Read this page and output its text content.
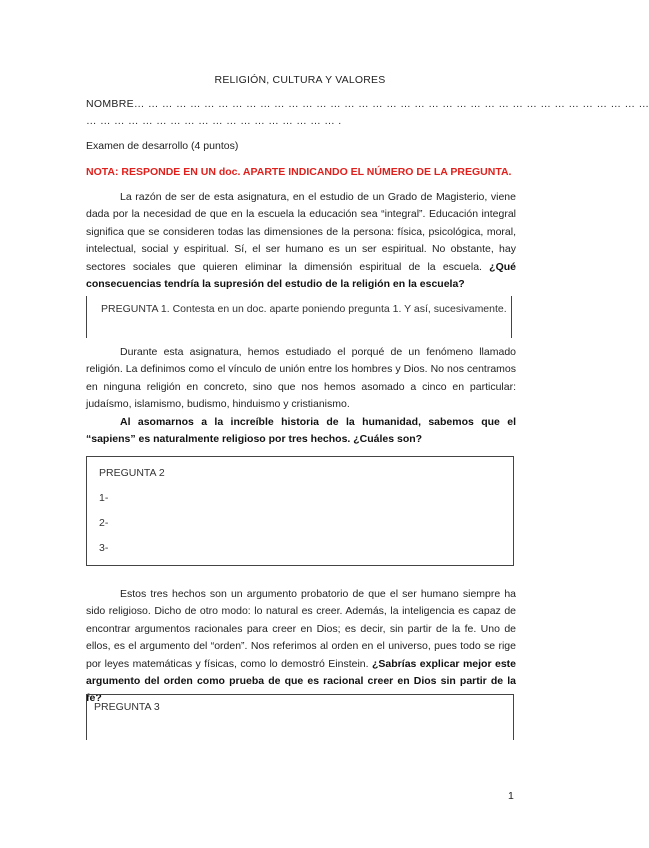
RELIGIÓN, CULTURA Y VALORES
NOMBRE… … … … … … … … … … … … … … … … … … … … … … … … … … … … … … … … … … … … …
… … … … … … … … … … … … … … … … … … .
Examen de desarrollo (4 puntos)
NOTA: RESPONDE EN UN doc. APARTE INDICANDO EL NÚMERO DE LA PREGUNTA.
La razón de ser de esta asignatura, en el estudio de un Grado de Magisterio, viene dada por la necesidad de que en la escuela la educación sea “integral”. Educación integral significa que se consideren todas las dimensiones de la persona: física, psicológica, moral, intelectual, social y espiritual. Sí, el ser humano es un ser espiritual. No obstante, hay sectores sociales que quieren eliminar la dimensión espiritual de la escuela. ¿Qué consecuencias tendría la supresión del estudio de la religión en la escuela?
PREGUNTA 1. Contesta en un doc. aparte poniendo pregunta 1. Y así, sucesivamente.
Durante esta asignatura, hemos estudiado el porqué de un fenómeno llamado religión. La definimos como el vínculo de unión entre los hombres y Dios. No nos centramos en ninguna religión en concreto, sino que nos hemos asomado a cinco en particular: judaísmo, islamismo, budismo, hinduismo y cristianismo.
Al asomarnos a la increíble historia de la humanidad, sabemos que el “sapiens” es naturalmente religioso por tres hechos. ¿Cuáles son?
PREGUNTA 2
1-
2-
3-
Estos tres hechos son un argumento probatorio de que el ser humano siempre ha sido religioso. Dicho de otro modo: lo natural es creer. Además, la inteligencia es capaz de encontrar argumentos racionales para creer en Dios; es decir, sin partir de la fe. Uno de ellos, es el argumento del “orden”. Nos referimos al orden en el universo, pues todo se rige por leyes matemáticas y físicas, como lo demostró Einstein. ¿Sabrías explicar mejor este argumento del orden como prueba de que es racional creer en Dios sin partir de la fe?
PREGUNTA 3
1
